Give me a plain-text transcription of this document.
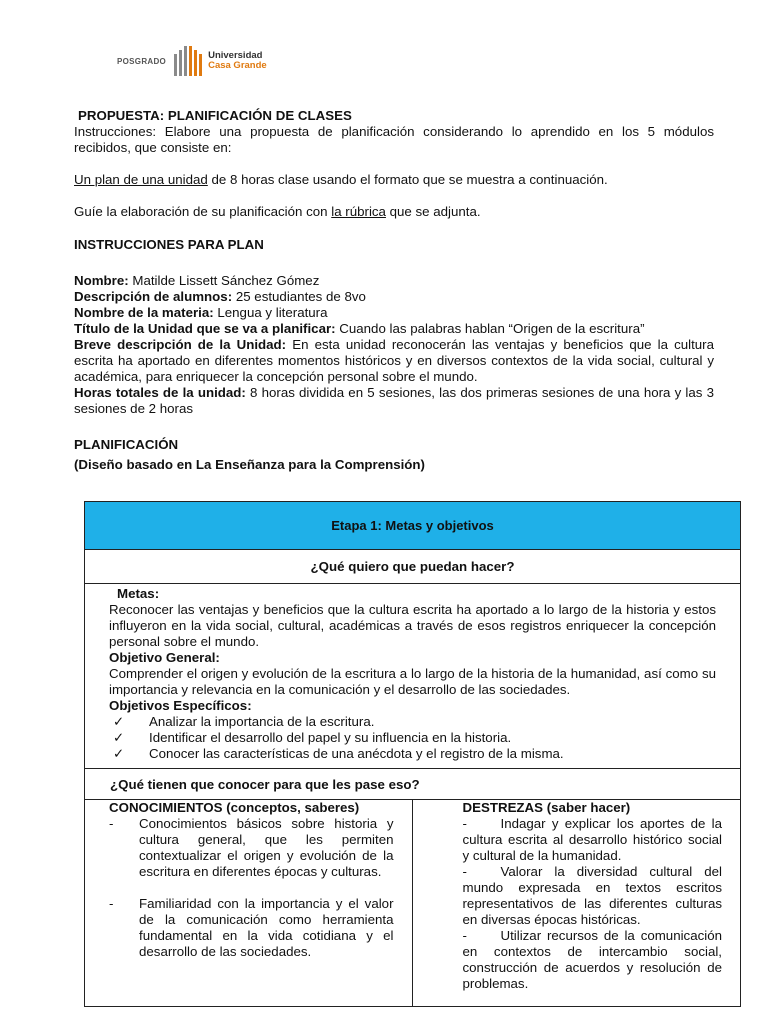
POSGRADO	Universidad
Casa Grande

PROPUESTA: PLANIFICACIÓN DE CLASES

Instrucciones: Elabore una propuesta de planificación considerando lo aprendido en los 5 módulos recibidos, que consiste en:

Un plan de una unidad de 8 horas clase usando el formato que se muestra a continuación.

Guíe la elaboración de su planificación con la rúbrica que se adjunta.

INSTRUCCIONES PARA PLAN

Nombre: Matilde Lissett Sánchez Gómez

Descripción de alumnos: 25 estudiantes de 8vo

Nombre de la materia: Lengua y literatura

Título de la Unidad que se va a planificar: Cuando las palabras hablan “Origen de la escritura”

Breve descripción de la Unidad: En esta unidad reconocerán las ventajas y beneficios que la cultura escrita ha aportado en diferentes momentos históricos y en diversos contextos de la vida social, cultural y académica, para enriquecer la concepción personal sobre el mundo.

Horas totales de la unidad: 8 horas dividida en 5 sesiones, las dos primeras sesiones de una hora y las 3 sesiones de 2 horas

PLANIFICACIÓN

(Diseño basado en La Enseñanza para la Comprensión)

Etapa 1: Metas y objetivos
¿Qué quiero que puedan hacer?

Metas:

Reconocer las ventajas y beneficios que la cultura escrita ha aportado a lo largo de la historia y estos influyeron en la vida social, cultural, académicas a través de esos registros enriquecer la concepción personal sobre el mundo.

Objetivo General:

Comprender el origen y evolución de la escritura a lo largo de la historia de la humanidad, así como su importancia y relevancia en la comunicación y el desarrollo de las sociedades.

Objetivos Específicos:

✓	Analizar la importancia de la escritura.
✓	Identificar el desarrollo del papel y su influencia en la historia.
✓	Conocer las características de una anécdota y el registro de la misma.
¿Qué tienen que conocer para que les pase eso?
CONOCIMIENTOS (conceptos, saberes)
-	Conocimientos básicos sobre historia y cultura general, que les permiten contextualizar el origen y evolución de la escritura en diferentes épocas y culturas.
-	Familiaridad con la importancia y el valor de la comunicación como herramienta fundamental en la vida cotidiana y el desarrollo de las sociedades.
DESTREZAS (saber hacer)
-	Indagar y explicar los aportes de la cultura escrita al desarrollo histórico social y cultural de la humanidad.
-	Valorar la diversidad cultural del mundo expresada en textos escritos representativos de las diferentes culturas en diversas épocas históricas.
-	Utilizar recursos de la comunicación en contextos de intercambio social, construcción de acuerdos y resolución de problemas.
